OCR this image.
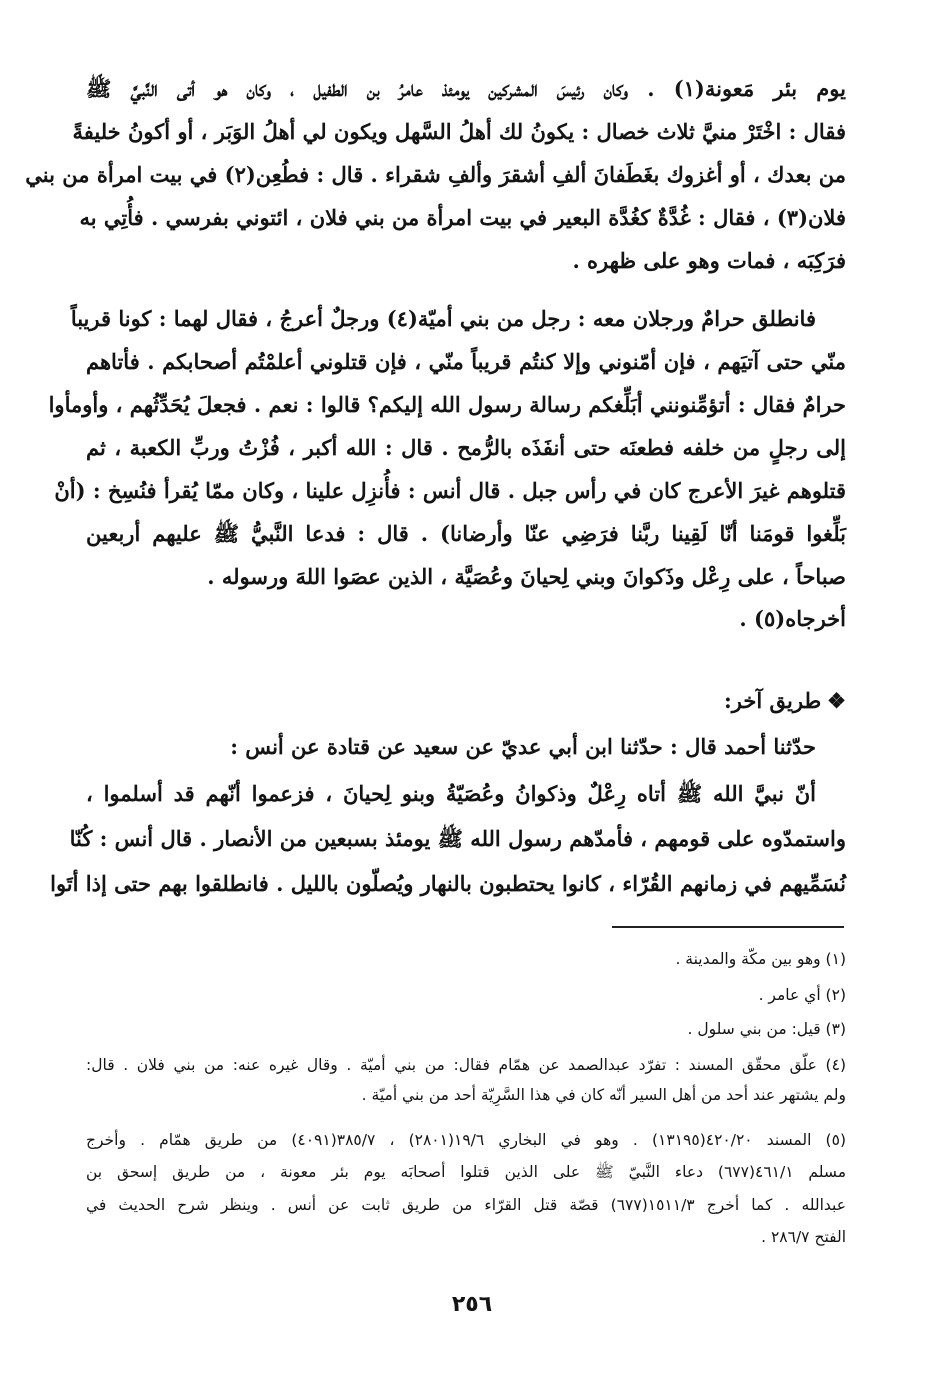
يوم بئر مَعونة(١) . وكان رئيسَ المشركين يومئذ عامرُ بن الطفيل ، وكان هو أتى النَّبيَّ ﷺ
فقال : اخْتَرْ منيَّ ثلاث خصال : يكونُ لك أهلُ السَّهل ويكون لي أهلُ الوَبَر ، أو أكونُ خليفةً
من بعدك ، أو أغزوك بغَطَفانَ ألفِ أشقرَ وألفِ شقراء . قال : فطُعِن(٢) في بيت امرأة من بني
فلان(٣) ، فقال : غُدَّةٌ كغُدَّة البعير في بيت امرأة من بني فلان ، ائتوني بفرسي . فأُتِي به
فرَكِبَه ، فمات وهو على ظهره .
فانطلق حرامٌ ورجلان معه : رجل من بني أميّة(٤) ورجلٌ أعرجُ ، فقال لهما : كونا قريباً
منّي حتى آتيَهم ، فإن أمّنوني وإلا كنتُم قريباً منّي ، فإن قتلوني أعلمْتُم أصحابكم . فأتاهم
حرامٌ فقال : أتؤمِّنونني أبَلِّغكم رسالة رسول الله إليكم؟ قالوا : نعم . فجعلَ يُحَدِّثُهم ، وأومأوا
إلى رجلٍ من خلفه فطعنَه حتى أنفَذَه بالرُّمح . قال : الله أكبر ، فُزْتُ وربِّ الكعبة ، ثم
قتلوهم غيرَ الأعرج كان في رأس جبل . قال أنس : فأُنزِل علينا ، وكان ممّا يُقرأ فنُسِخ : (أنْ
بَلِّغوا قومَنا أنّا لَقِينا ربَّنا فرَضِي عنّا وأرضانا) . قال : فدعا النَّبيُّ ﷺ عليهم أربعين
صباحاً ، على رِعْل وذَكوانَ وبني لِحيانَ وعُصَيَّة ، الذين عصَوا اللهَ ورسوله .
أخرجاه(٥) .
❖طريق آخر:
حدّثنا أحمد قال : حدّثنا ابن أبي عديّ عن سعيد عن قتادة عن أنس :
أنّ نبيَّ الله ﷺ أتاه رِعْلٌ وذكوانُ وعُصَيّةُ وبنو لِحيانَ ، فزعموا أنّهم قد أسلموا ،
واستمدّوه على قومهم ، فأمدّهم رسول الله ﷺ يومئذ بسبعين من الأنصار . قال أنس : كُنّا
نُسَمِّيهم في زمانهم القُرّاء ، كانوا يحتطبون بالنهار ويُصلّون بالليل . فانطلقوا بهم حتى إذا أتَوا
(١) وهو بين مكّة والمدينة .
(٢) أي عامر .
(٣) قيل: من بني سلول .
(٤) علّق محقّق المسند : تفرّد عبدالصمد عن همّام فقال: من بني أميّة . وقال غيره عنه: من بني فلان . قال:
ولم يشتهر عند أحد من أهل السير أنّه كان في هذا السَّرِيّة أحد من بني أميّة .
(٥) المسند ٤٢٠/٢٠(١٣١٩٥) . وهو في البخاري ١٩/٦(٢٨٠١) ، ٣٨٥/٧(٤٠٩١) من طريق همّام . وأخرج
مسلم ٤٦١/١(٦٧٧) دعاء النَّبيّ ﷺ على الذين قتلوا أصحابَه يوم بئر معونة ، من طريق إسحق بن
عبدالله . كما أخرج ١٥١١/٣(٦٧٧) قصّة قتل القرّاء من طريق ثابت عن أنس . وينظر شرح الحديث في
الفتح ٢٨٦/٧ .
٢٥٦
